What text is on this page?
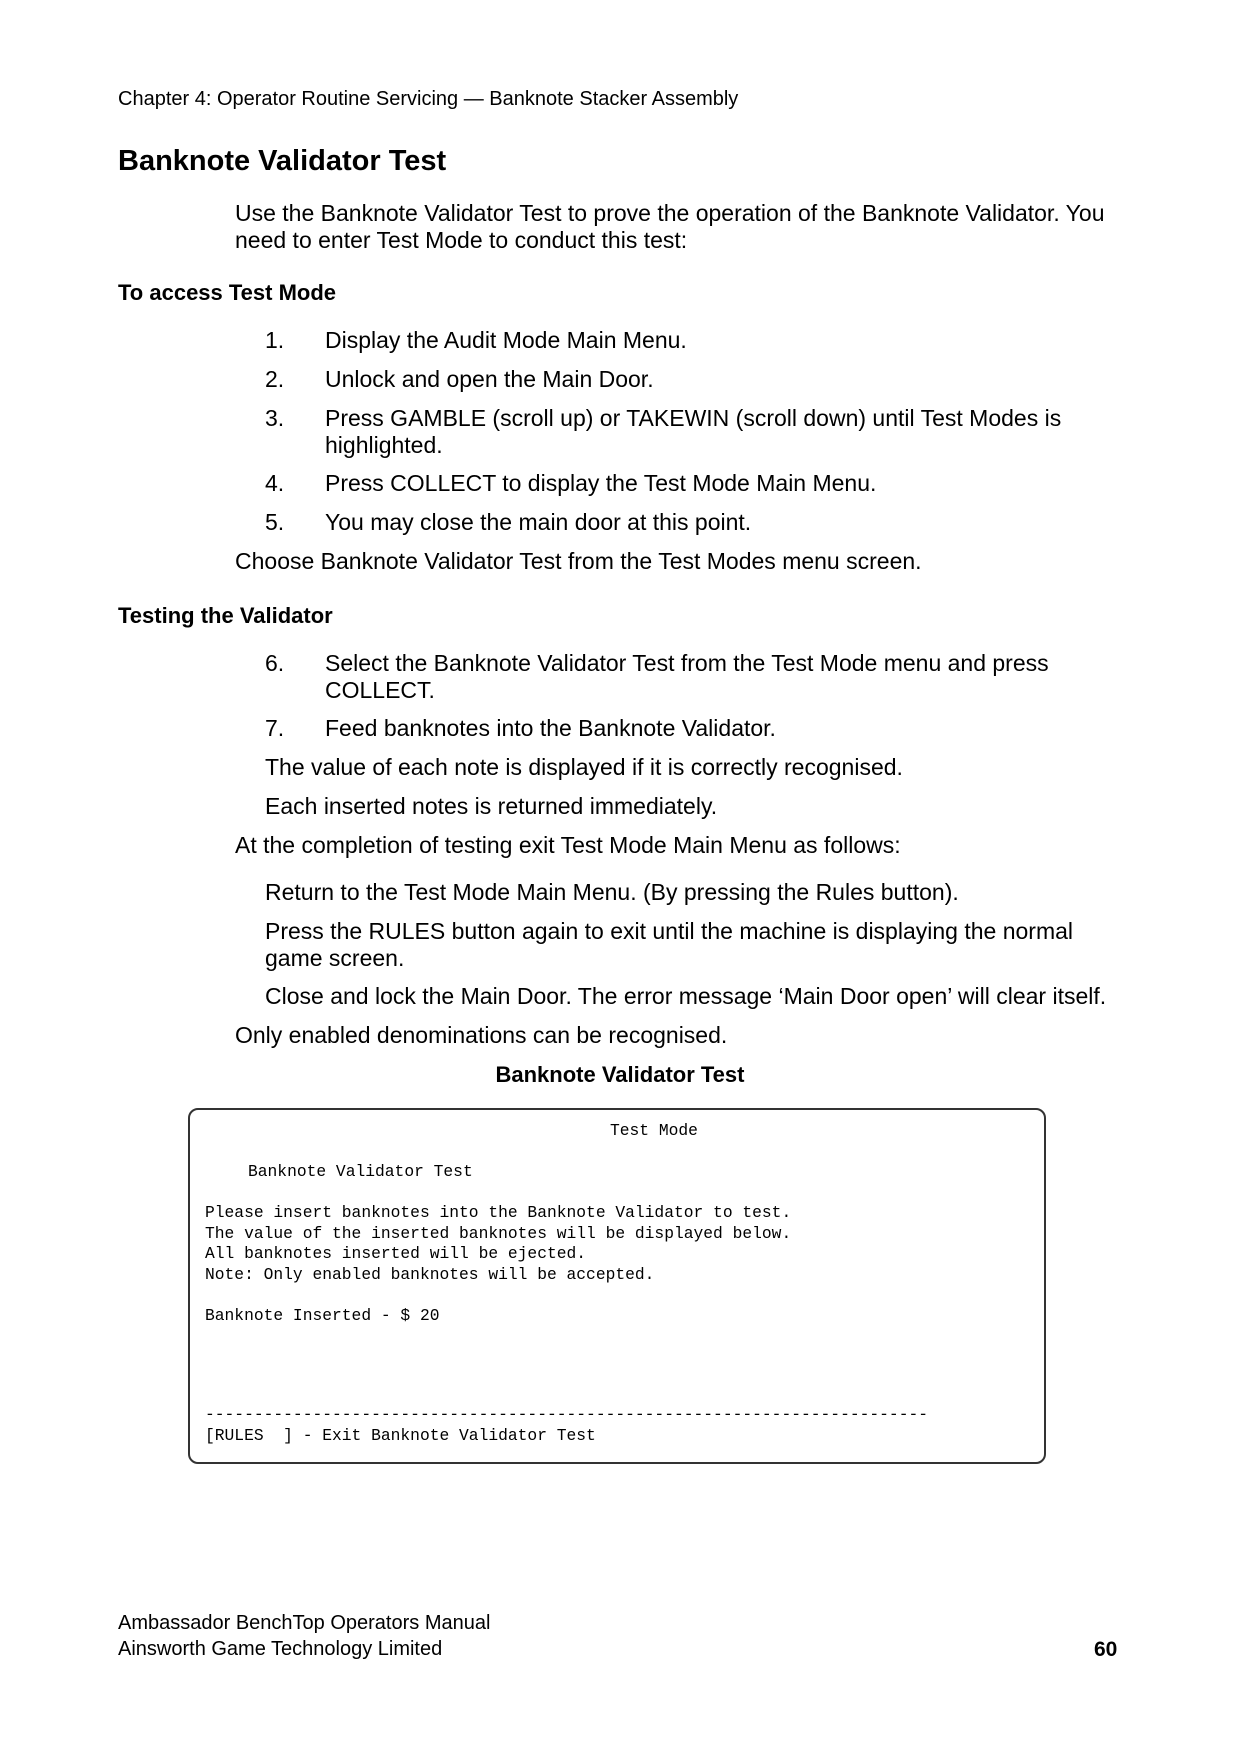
Chapter 4: Operator Routine Servicing — Banknote Stacker Assembly
Banknote Validator Test

Use the Banknote Validator Test to prove the operation of the Banknote Validator. You need to enter Test Mode to conduct this test:

To access Test Mode
1.	Display the Audit Mode Main Menu.
2.	Unlock and open the Main Door.
3.	Press GAMBLE (scroll up) or TAKEWIN (scroll down) until Test Modes is highlighted.
4.	Press COLLECT to display the Test Mode Main Menu.
5.	You may close the main door at this point.

Choose Banknote Validator Test from the Test Modes menu screen.

Testing the Validator
6.	Select the Banknote Validator Test from the Test Mode menu and press COLLECT.
7.	Feed banknotes into the Banknote Validator.

The value of each note is displayed if it is correctly recognised.

Each inserted notes is returned immediately.

At the completion of testing exit Test Mode Main Menu as follows:

Return to the Test Mode Main Menu. (By pressing the Rules button).

Press the RULES button again to exit until the machine is displaying the normal game screen.

Close and lock the Main Door. The error message ‘Main Door open’ will clear itself.

Only enabled denominations can be recognised.

Banknote Validator Test
Test Mode
Banknote Validator Test
Please insert banknotes into the Banknote Validator to test.
The value of the inserted banknotes will be displayed below.
All banknotes inserted will be ejected.
Note: Only enabled banknotes will be accepted.
Banknote Inserted - $ 20
--------------------------------------------------------------------------
[RULES  ] - Exit Banknote Validator Test
Ambassador BenchTop Operators Manual
Ainsworth Game Technology Limited	60
